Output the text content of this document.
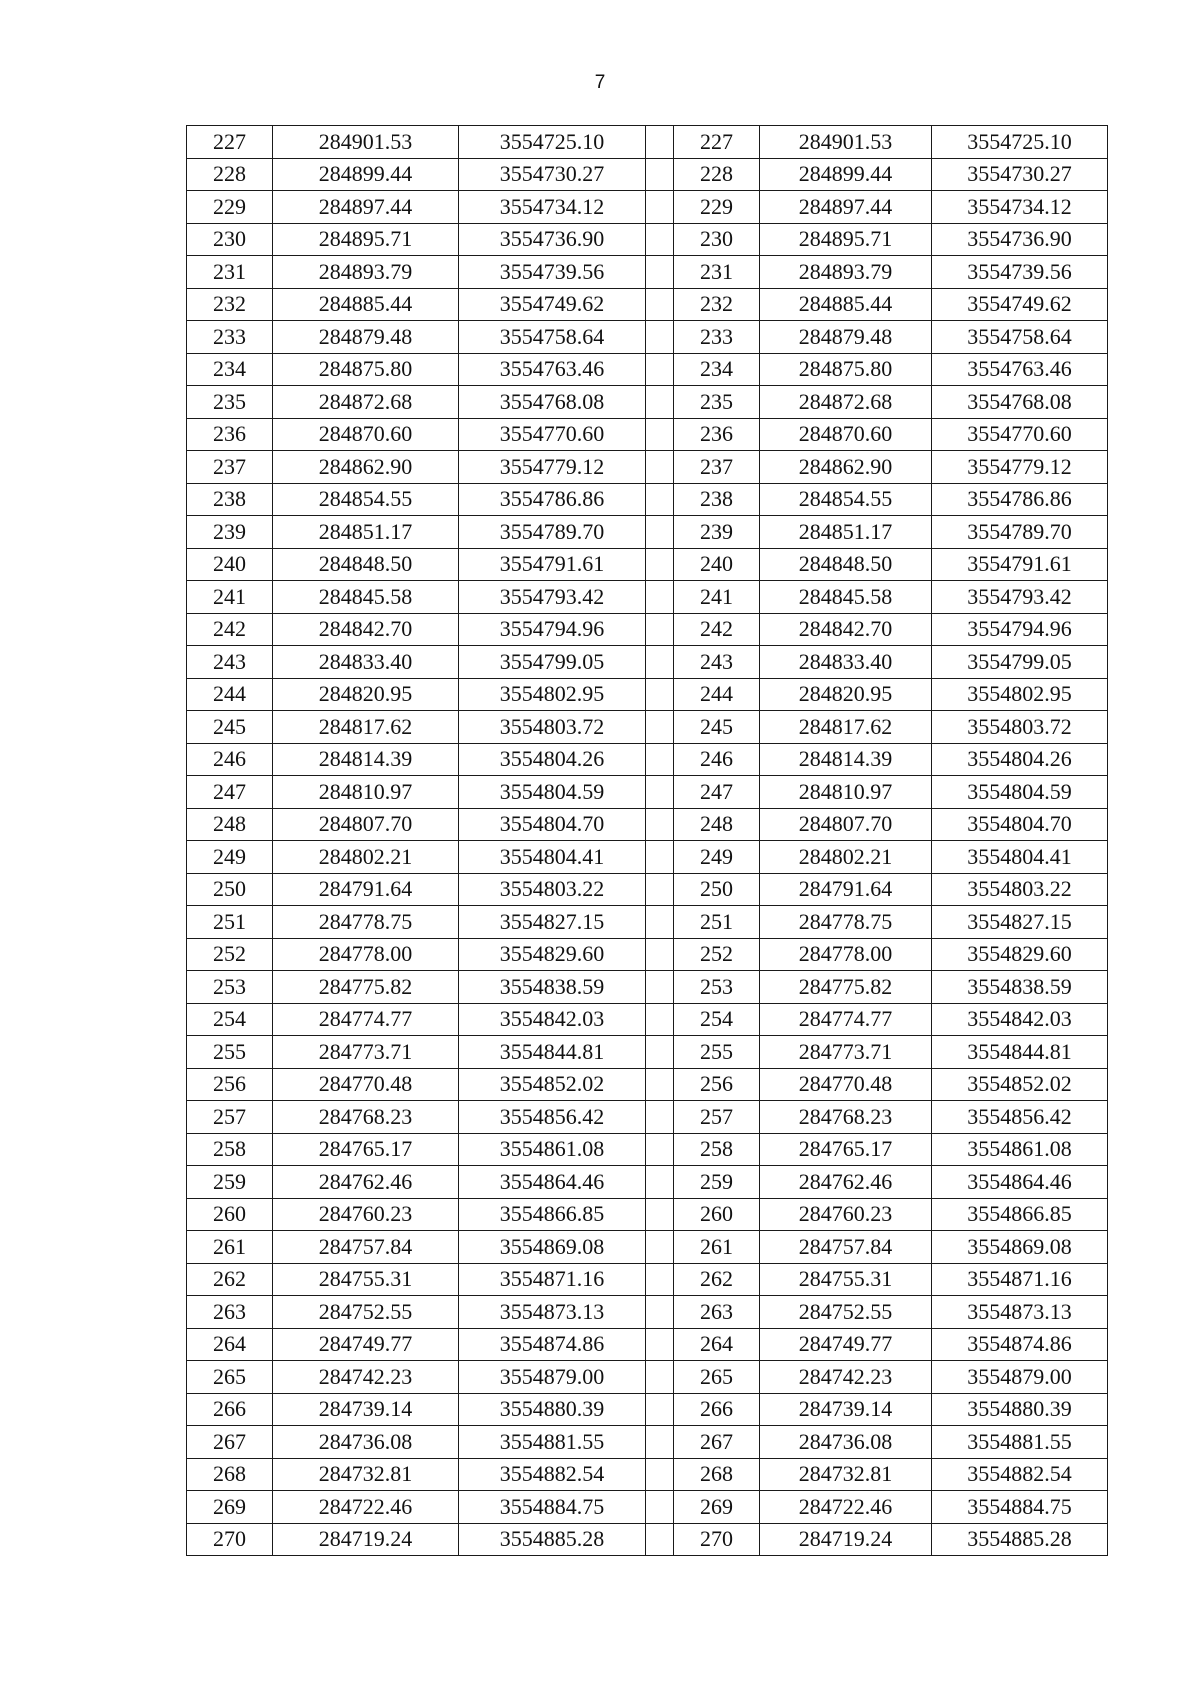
7
227	284901.53	3554725.10		227	284901.53	3554725.10
228	284899.44	3554730.27		228	284899.44	3554730.27
229	284897.44	3554734.12		229	284897.44	3554734.12
230	284895.71	3554736.90		230	284895.71	3554736.90
231	284893.79	3554739.56		231	284893.79	3554739.56
232	284885.44	3554749.62		232	284885.44	3554749.62
233	284879.48	3554758.64		233	284879.48	3554758.64
234	284875.80	3554763.46		234	284875.80	3554763.46
235	284872.68	3554768.08		235	284872.68	3554768.08
236	284870.60	3554770.60		236	284870.60	3554770.60
237	284862.90	3554779.12		237	284862.90	3554779.12
238	284854.55	3554786.86		238	284854.55	3554786.86
239	284851.17	3554789.70		239	284851.17	3554789.70
240	284848.50	3554791.61		240	284848.50	3554791.61
241	284845.58	3554793.42		241	284845.58	3554793.42
242	284842.70	3554794.96		242	284842.70	3554794.96
243	284833.40	3554799.05		243	284833.40	3554799.05
244	284820.95	3554802.95		244	284820.95	3554802.95
245	284817.62	3554803.72		245	284817.62	3554803.72
246	284814.39	3554804.26		246	284814.39	3554804.26
247	284810.97	3554804.59		247	284810.97	3554804.59
248	284807.70	3554804.70		248	284807.70	3554804.70
249	284802.21	3554804.41		249	284802.21	3554804.41
250	284791.64	3554803.22		250	284791.64	3554803.22
251	284778.75	3554827.15		251	284778.75	3554827.15
252	284778.00	3554829.60		252	284778.00	3554829.60
253	284775.82	3554838.59		253	284775.82	3554838.59
254	284774.77	3554842.03		254	284774.77	3554842.03
255	284773.71	3554844.81		255	284773.71	3554844.81
256	284770.48	3554852.02		256	284770.48	3554852.02
257	284768.23	3554856.42		257	284768.23	3554856.42
258	284765.17	3554861.08		258	284765.17	3554861.08
259	284762.46	3554864.46		259	284762.46	3554864.46
260	284760.23	3554866.85		260	284760.23	3554866.85
261	284757.84	3554869.08		261	284757.84	3554869.08
262	284755.31	3554871.16		262	284755.31	3554871.16
263	284752.55	3554873.13		263	284752.55	3554873.13
264	284749.77	3554874.86		264	284749.77	3554874.86
265	284742.23	3554879.00		265	284742.23	3554879.00
266	284739.14	3554880.39		266	284739.14	3554880.39
267	284736.08	3554881.55		267	284736.08	3554881.55
268	284732.81	3554882.54		268	284732.81	3554882.54
269	284722.46	3554884.75		269	284722.46	3554884.75
270	284719.24	3554885.28		270	284719.24	3554885.28
